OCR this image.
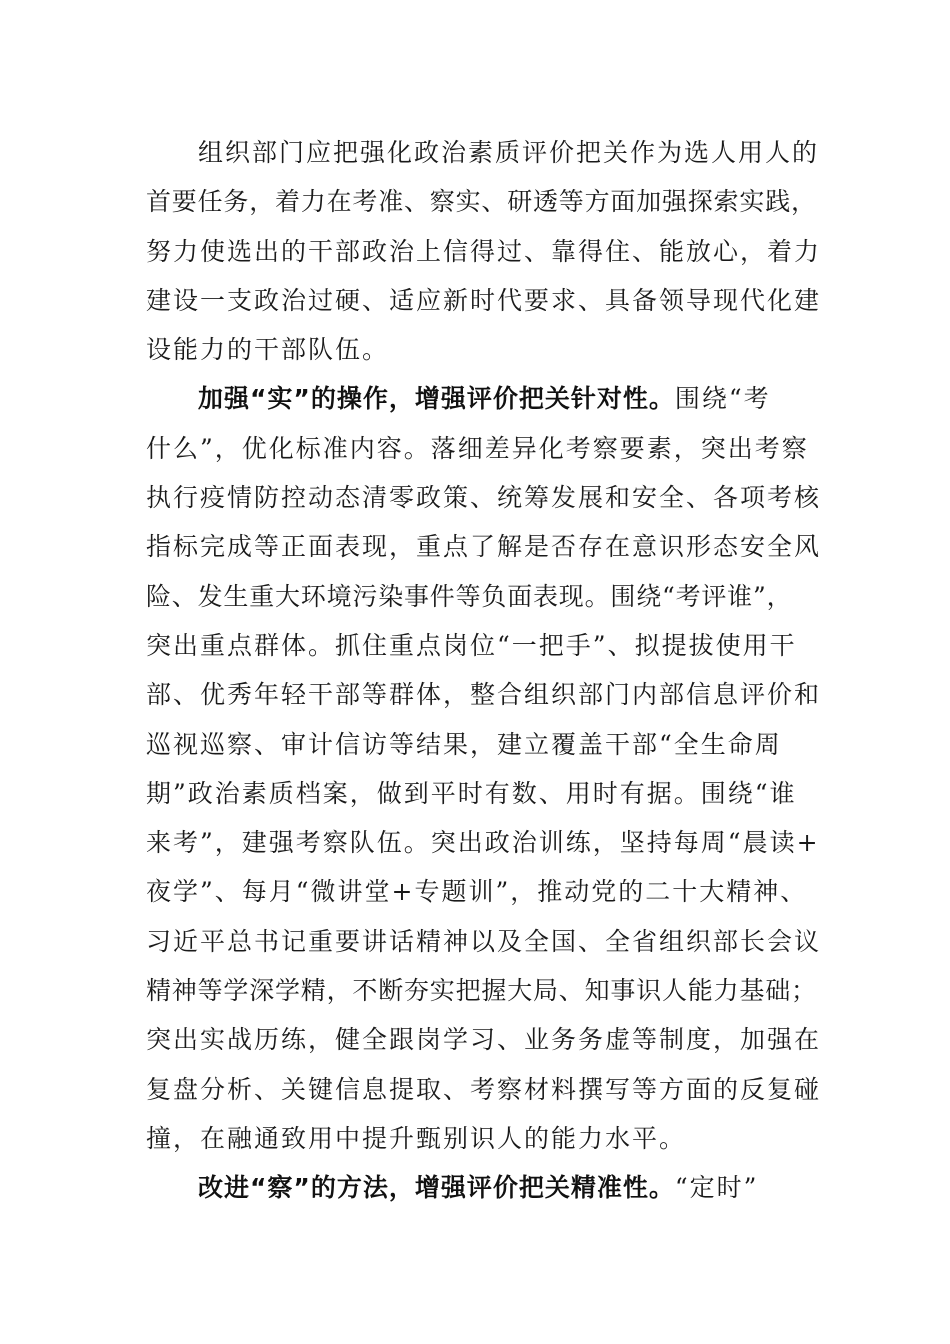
组织部门应把强化政治素质评价把关作为选人用人的
首要任务，着力在考准、察实、研透等方面加强探索实践，
努力使选出的干部政治上信得过、靠得住、能放心，着力
建设一支政治过硬、适应新时代要求、具备领导现代化建
设能力的干部队伍。
加强“实”的操作，增强评价把关针对性。围绕“考
什么”，优化标准内容。落细差异化考察要素，突出考察
执行疫情防控动态清零政策、统筹发展和安全、各项考核
指标完成等正面表现，重点了解是否存在意识形态安全风
险、发生重大环境污染事件等负面表现。围绕“考评谁”，
突出重点群体。抓住重点岗位“一把手”、拟提拔使用干
部、优秀年轻干部等群体，整合组织部门内部信息评价和
巡视巡察、审计信访等结果，建立覆盖干部“全生命周
期”政治素质档案，做到平时有数、用时有据。围绕“谁
来考”，建强考察队伍。突出政治训练，坚持每周“晨读+
夜学”、每月“微讲堂+专题训”，推动党的二十大精神、
习近平总书记重要讲话精神以及全国、全省组织部长会议
精神等学深学精，不断夯实把握大局、知事识人能力基础；
突出实战历练，健全跟岗学习、业务务虚等制度，加强在
复盘分析、关键信息提取、考察材料撰写等方面的反复碰
撞，在融通致用中提升甄别识人的能力水平。
改进“察”的方法，增强评价把关精准性。“定时”
